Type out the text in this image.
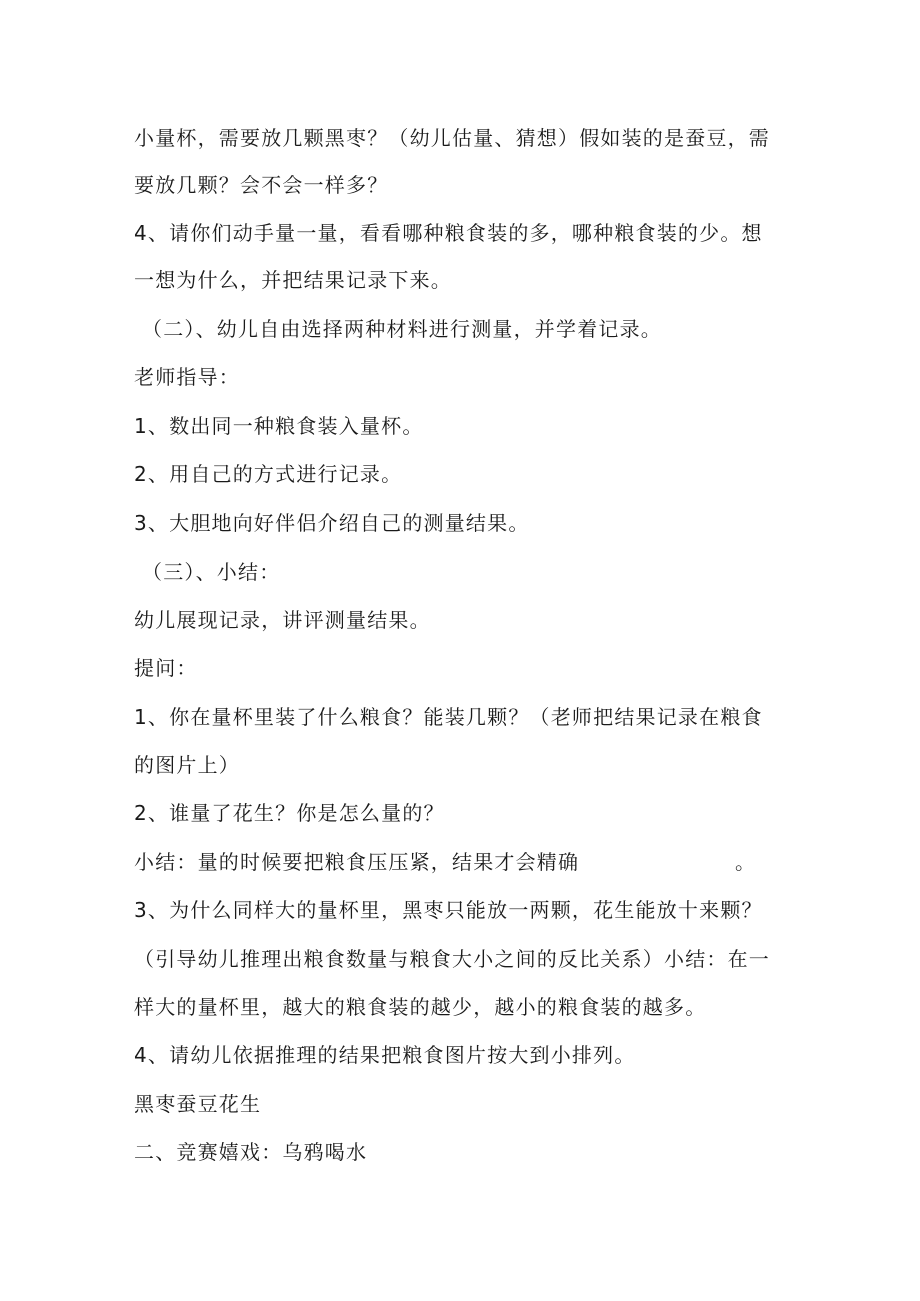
小量杯，需要放几颗黑枣？（幼儿估量、猜想）假如装的是蚕豆，需
要放几颗？会不会一样多？
4、请你们动手量一量，看看哪种粮食装的多，哪种粮食装的少。想
一想为什么，并把结果记录下来。
（二）、幼儿自由选择两种材料进行测量，并学着记录。
老师指导：
1、数出同一种粮食装入量杯。
2、用自己的方式进行记录。
3、大胆地向好伴侣介绍自己的测量结果。
（三）、小结：
幼儿展现记录，讲评测量结果。
提问：
1、你在量杯里装了什么粮食？能装几颗？（老师把结果记录在粮食
的图片上）
2、谁量了花生？你是怎么量的？
小结：量的时候要把粮食压压紧，结果才会精确	。
3、为什么同样大的量杯里，黑枣只能放一两颗，花生能放十来颗？
（引导幼儿推理出粮食数量与粮食大小之间的反比关系）小结：在一
样大的量杯里，越大的粮食装的越少，越小的粮食装的越多。
4、请幼儿依据推理的结果把粮食图片按大到小排列。
黑枣蚕豆花生
二、竞赛嬉戏：乌鸦喝水
